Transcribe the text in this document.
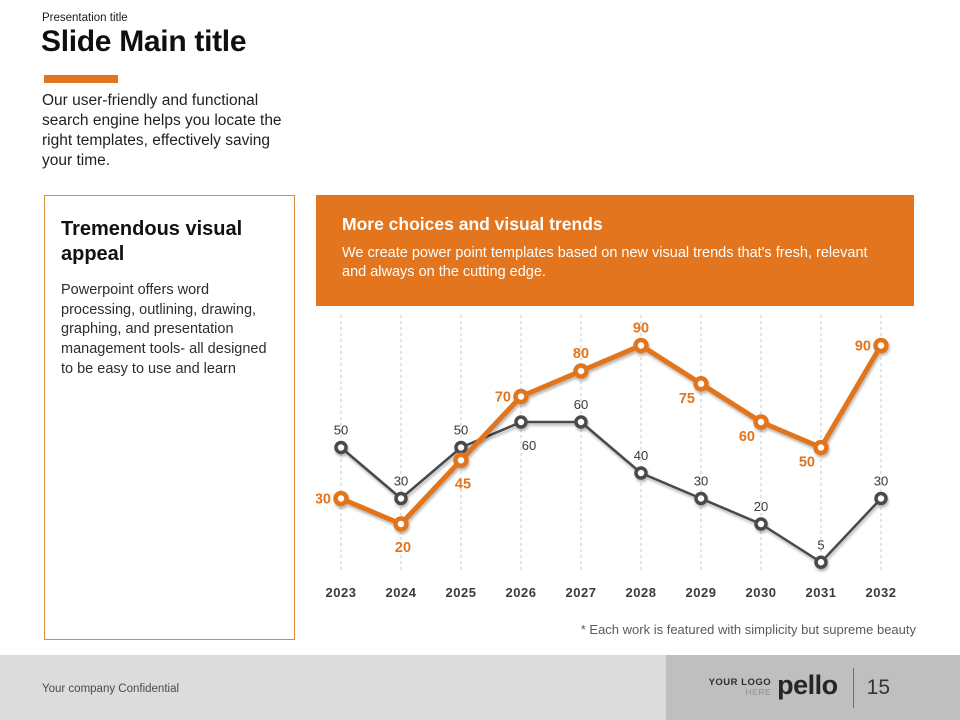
Presentation title
Slide Main title
Our user-friendly and functional search engine helps you locate the right templates, effectively saving your time.
Tremendous visual appeal

Powerpoint offers word processing, outlining, drawing, graphing, and presentation management tools- all designed to be easy to use and learn

More choices and visual trends

We create power point templates based on new visual trends that's fresh, relevant and always on the cutting edge.

50
30
50
60
60
40
30
20
5
30
30
20
45
70
80
90
75
60
50
90
2023 2024 2025 2026 2027 2028 2029 2030 2031 2032
* Each work is featured with simplicity but supreme beauty
Your company Confidential
YOUR LOGO
HERE pello 15
